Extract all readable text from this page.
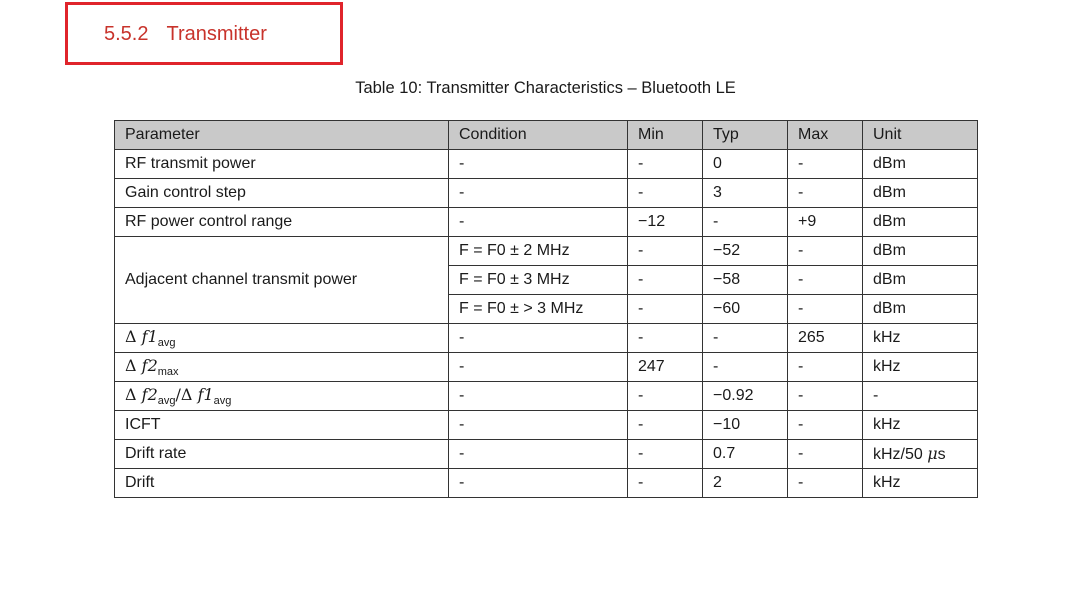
5.5.2 Transmitter
Table 10: Transmitter Characteristics – Bluetooth LE
Parameter	Condition	Min	Typ	Max	Unit
RF transmit power	-	-	0	-	dBm
Gain control step	-	-	3	-	dBm
RF power control range	-	−12	-	+9	dBm
Adjacent channel transmit power	F = F0 ± 2 MHz	-	−52	-	dBm
	F = F0 ± 3 MHz	-	−58	-	dBm
	F = F0 ± > 3 MHz	-	−60	-	dBm
Δ $f1_{avg}$	-	-	-	265	kHz
Δ $f2_{max}$	-	247	-	-	kHz
Δ $f2_{avg}/\Delta$ $f1_{avg}$	-	-	−0.92	-	-
ICFT	-	-	−10	-	kHz
Drift rate	-	-	0.7	-	kHz/50 μs
Drift	-	-	2	-	kHz
